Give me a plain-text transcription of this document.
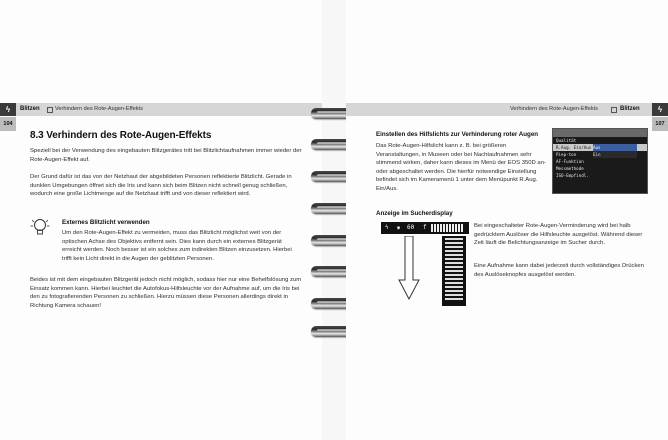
ϟ	Blitzen	Verhindern des Rote-Augen-Effekts
104
8.3 Verhindern des Rote-Augen-Effekts

Speziell bei der Verwendung des eingebauten Blitzgerätes tritt bei Blitzlichtaufnahmen immer wieder der Rote-Augen-Effekt auf.

Der Grund dafür ist das von der Netzhaut der abgebildeten Personen reflektierte Blitzlicht. Gerade in dunklen Umgebungen öffnet sich die Iris und kann sich beim Blitzen nicht schnell genug schließen, wodurch eine große Lichtmenge auf die Netzhaut trifft und von dieser reflektiert wird.

Externes Blitzlicht verwenden

Um den Rote-Augen-Effekt zu vermeiden, muss das Blitzlicht möglichst weit von der optischen Achse des Objektivs entfernt sein. Dies kann durch ein externes Blitzgerät erreicht werden. Noch besser ist ein solches zum indirekten Blitzen einzusetzen. Hierbei trifft kein Licht direkt in die Augen der geblitzten Personen.

Beides ist mit dem eingebauten Blitzgerät jedoch nicht möglich, sodass hier nur eine Behelfslösung zum Einsatz kommen kann. Hierbei leuchtet die Autofokus-Hilfsleuchte vor der Aufnahme auf, um die Iris bei den zu fotografierenden Personen zu schließen. Hierzu müssen diese Personen allerdings direkt in Richtung Kamera schauen!

Verhindern des Rote-Augen-Effekts	Blitzen	ϟ
107
Einstellen des Hilfslichts zur Verhinderung roter Augen

Das Rote-Augen-Hilfslicht kann z. B. bei größeren Veranstaltungen, in Museen oder bei Nachtaufnahmen sehr stimmend wirken, daher kann dieses im Menü der EOS 350D an- oder abgeschaltet werden. Die hierfür notwendige Einstellung befindet sich im Kameramenü 1 unter dem Menüpunkt R.Aug. Ein/Aus.

Qualität
R.Aug. Ein/Aus Aus
Piep-ton	Ein
AF-Funktion
Messmethode
ISO-Empfindl.
Anzeige im Sucherdisplay
ϟ ◉ 60 f	Bei eingeschalteter Rote-Augen-Verminderung wird bei halb gedrücktem Auslöser die Hilfsleuchte ausgelöst. Während dieser Zeit läuft die Belichtungsanzeige im Sucher durch.

Eine Aufnahme kann dabei jederzeit durch vollständiges Drücken des Auslöseknopfes ausgelöst werden.
